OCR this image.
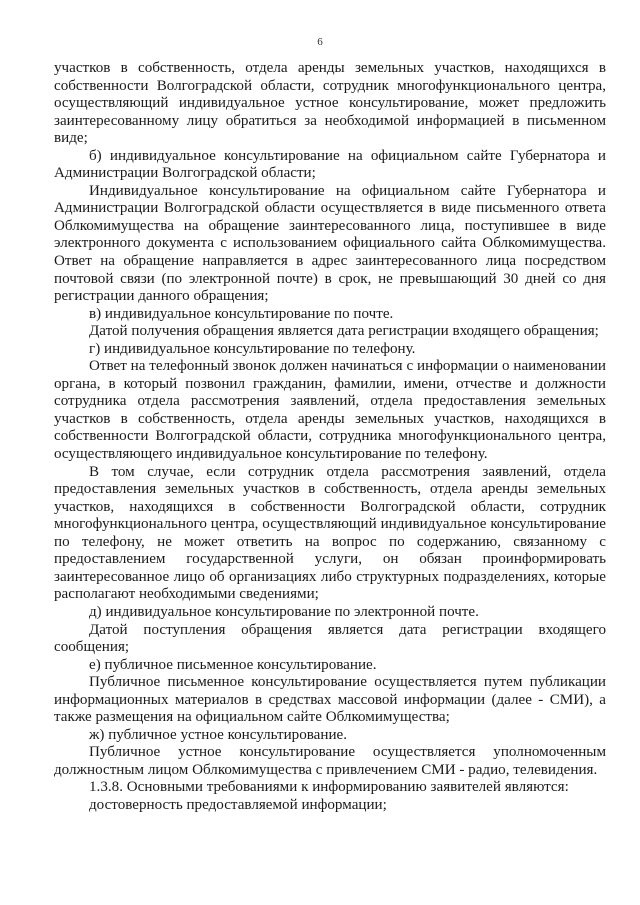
6

участков в собственность, отдела аренды земельных участков, находящихся в собственности Волгоградской области, сотрудник многофункционального центра, осуществляющий индивидуальное устное консультирование, может предложить заинтересованному лицу обратиться за необходимой информацией в письменном виде;

б) индивидуальное консультирование на официальном сайте Губернатора и Администрации Волгоградской области;

Индивидуальное консультирование на официальном сайте Губернатора и Администрации Волгоградской области осуществляется в виде письменного ответа Облкомимущества на обращение заинтересованного лица, поступившее в виде электронного документа с использованием официального сайта Облкомимущества. Ответ на обращение направляется в адрес заинтересованного лица посредством почтовой связи (по электронной почте) в срок, не превышающий 30 дней со дня регистрации данного обращения;

в) индивидуальное консультирование по почте.

Датой получения обращения является дата регистрации входящего обращения;

г) индивидуальное консультирование по телефону.

Ответ на телефонный звонок должен начинаться с информации о наименовании органа, в который позвонил гражданин, фамилии, имени, отчестве и должности сотрудника отдела рассмотрения заявлений, отдела предоставления земельных участков в собственность, отдела аренды земельных участков, находящихся в собственности Волгоградской области, сотрудника многофункционального центра, осуществляющего индивидуальное консультирование по телефону.

В том случае, если сотрудник отдела рассмотрения заявлений, отдела предоставления земельных участков в собственность, отдела аренды земельных участков, находящихся в собственности Волгоградской области, сотрудник многофункционального центра, осуществляющий индивидуальное консультирование по телефону, не может ответить на вопрос по содержанию, связанному с предоставлением государственной услуги, он обязан проинформировать заинтересованное лицо об организациях либо структурных подразделениях, которые располагают необходимыми сведениями;

д) индивидуальное консультирование по электронной почте.

Датой поступления обращения является дата регистрации входящего сообщения;

е) публичное письменное консультирование.

Публичное письменное консультирование осуществляется путем публикации информационных материалов в средствах массовой информации (далее - СМИ), а также размещения на официальном сайте Облкомимущества;

ж) публичное устное консультирование.

Публичное устное консультирование осуществляется уполномоченным должностным лицом Облкомимущества с привлечением СМИ - радио, телевидения.

1.3.8. Основными требованиями к информированию заявителей являются:

достоверность предоставляемой информации;
